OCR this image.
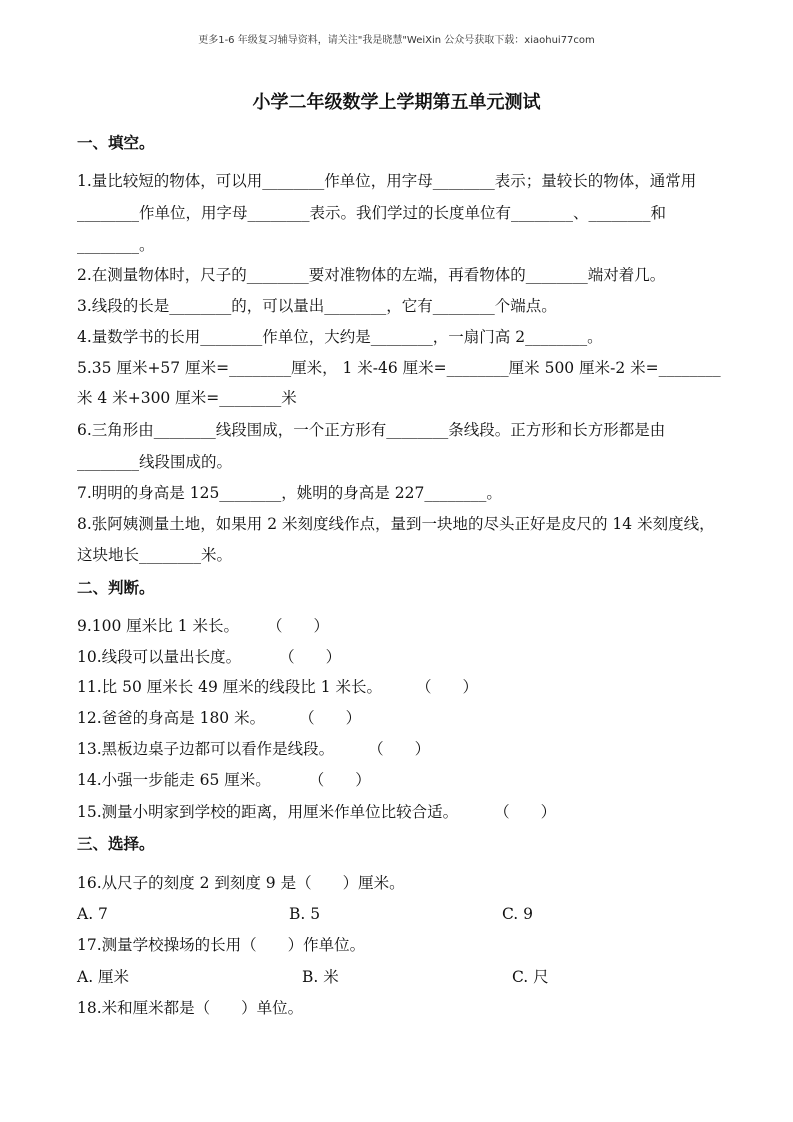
更多1-6 年级复习辅导资料，请关注"我是晓慧"WeiXin 公众号获取下载：xiaohui77com
小学二年级数学上学期第五单元测试
一、填空。
1.量比较短的物体，可以用________作单位，用字母________表示；量较长的物体，通常用
________作单位，用字母________表示。我们学过的长度单位有________、________和
________。
2.在测量物体时，尺子的________要对准物体的左端，再看物体的________端对着几。
3.线段的长是________的，可以量出________，它有________个端点。
4.量数学书的长用________作单位，大约是________，一扇门高 2________。
5.35 厘米+57 厘米=________厘米， 1 米-46 厘米=________厘米 500 厘米-2 米=________
米 4 米+300 厘米=________米
6.三角形由________线段围成，一个正方形有________条线段。正方形和长方形都是由
________线段围成的。
7.明明的身高是 125________，姚明的身高是 227________。
8.张阿姨测量土地，如果用 2 米刻度线作点，量到一块地的尽头正好是皮尺的 14 米刻度线，
这块地长________米。
二、判断。
9.100 厘米比 1 米长。 （　　）
10.线段可以量出长度。 （　　）
11.比 50 厘米长 49 厘米的线段比 1 米长。 （　　）
12.爸爸的身高是 180 米。 （　　）
13.黑板边桌子边都可以看作是线段。 （　　）
14.小强一步能走 65 厘米。 （　　）
15.测量小明家到学校的距离，用厘米作单位比较合适。 （　　）
三、选择。
16.从尺子的刻度 2 到刻度 9 是（　　）厘米。
A. 7	B. 5	C. 9
17.测量学校操场的长用（　　）作单位。
A. 厘米	B. 米	C. 尺
18.米和厘米都是（　　）单位。
